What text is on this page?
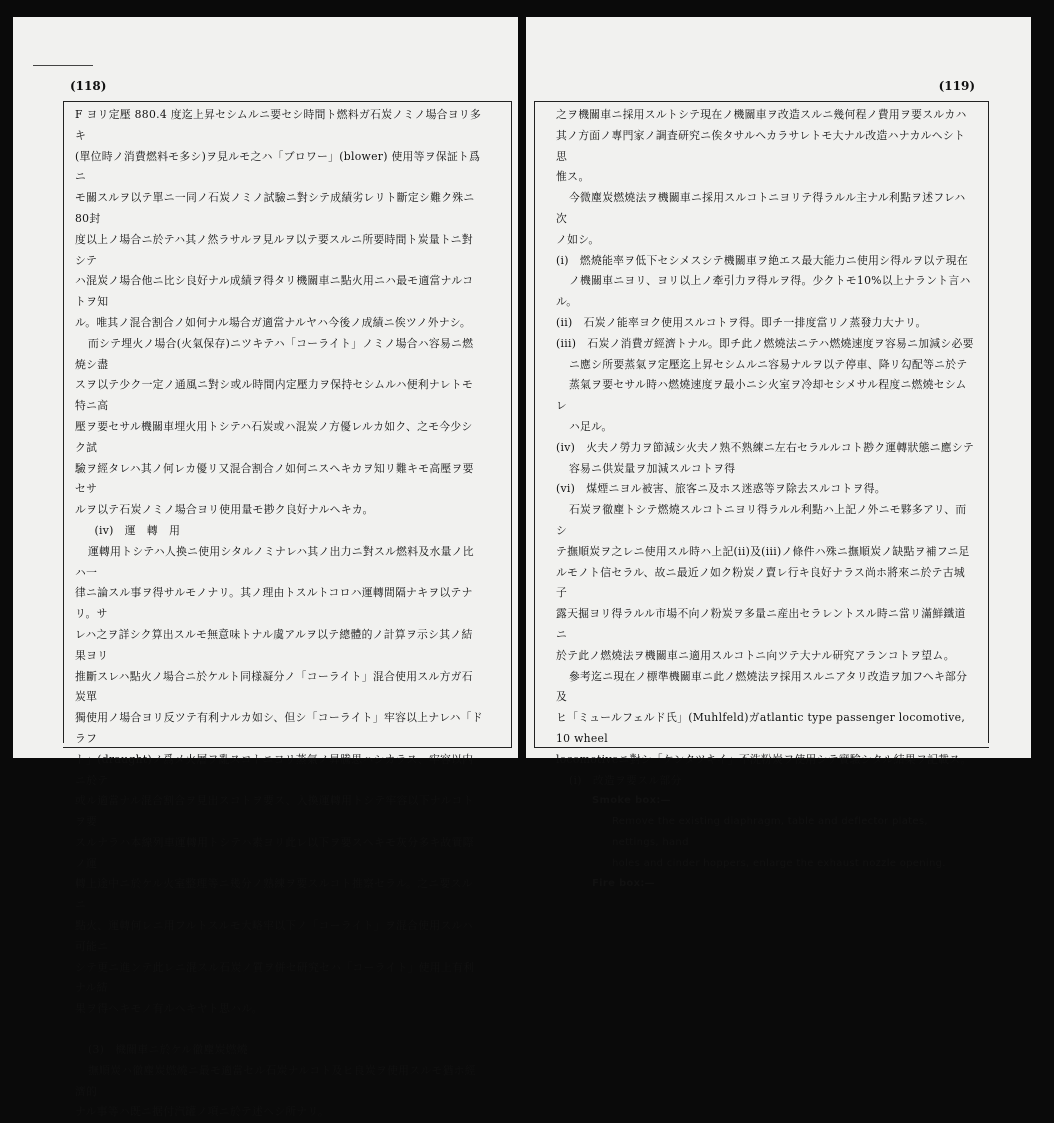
(118)

F ヨリ定壓 880.4 度迄上昇セシムルニ要セシ時間ト燃料ガ石炭ノミノ場合ヨリ多キ

(單位時ノ消費燃料モ多シ)ヲ見ルモ之ハ「ブロワー」(blower) 使用等ヲ保証ト爲ニ

モ關スルヲ以テ單ニ一同ノ石炭ノミノ試驗ニ對シテ成績劣レリト斷定シ難ク殊ニ80封

度以上ノ場合ニ於テハ其ノ然ラサルヲ見ルヲ以テ要スルニ所要時間ト炭量トニ對シテ

ハ混炭ノ場合他ニ比シ良好ナル成績ヲ得タリ機關車ニ點火用ニハ最モ適當ナルコトヲ知

ル。唯其ノ混合割合ノ如何ナル場合ガ適當ナルヤハ今後ノ成績ニ俟ツノ外ナシ。

而シテ埋火ノ場合(火氣保存)ニツキテハ「コーライト」ノミノ場合ハ容易ニ燃焼シ盡

スヲ以テ少ク一定ノ通風ニ對シ或ル時間内定壓力ヲ保持セシムルハ便利ナレトモ特ニ高

壓ヲ要セサル機關車埋火用トシテハ石炭或ハ混炭ノ方優レルカ如ク、之モ今少シク試

驗ヲ經タレハ其ノ何レカ優リ又混合割合ノ如何ニスヘキカヲ知リ難キモ高壓ヲ要セサ

ルヲ以テ石炭ノミノ場合ヨリ使用量モ尠ク良好ナルヘキカ。

(iv)　運　轉　用

運轉用トシテハ人換ニ使用シタルノミナレハ其ノ出力ニ對スル燃料及水量ノ比ハ一

律ニ論スル事ヲ得サルモノナリ。其ノ理由トスルトコロハ運轉間隔ナキヲ以テナリ。サ

レハ之ヲ詳シク算出スルモ無意味トナル虞アルヲ以テ總體的ノ計算ヲ示シ其ノ結果ヨリ

推斷スレハ點火ノ場合ニ於ケルト同様凝分ノ「コーライト」混合使用スル方ガ石炭單

獨使用ノ場合ヨリ反ツテ有利ナルカ如シ、但シ「コーライト」牢容以上ナレハ「ドラフ

ト」(draught)ノ爲メ火層ヲ亂スコトニヨリ蒸氣ノ昇騰思ハシカラス、牢容以内ニ於テ

或ル適當ナル混合割合ヲ見出スコトヲ要ス、入換運轉用トシテ牢容以下ナルコトヲ要

スルナラハ本線列車運轉用トシテハ素ヨリ此レ以下ヲ要スヘキモ灰分多キ故實際ノ運

轉上途中ニ於ケル火室整理等ニ幾分ノ熟練ヲ要スルコト推察セラル。之ニ要スルニ

點火、運轉何レニ用フルトスルモ大略牢以下ノ「コーライト」ヲ混合使用スルハ可能ニ

シテ更ニ進ンテ此レニ混スル石炭ノ質ヲ併セ研究セハ「コーライト」使用上有利ナル結

果ヲ得ヘキモノ有ルヘキヤト思ハル。

(3)　機關車ニ於ケル徹塵炭燃燒

撫順炭ハ徹塵炭燃燒ニ最モ適當セル石炭ナルコト及ヒ良炭ヲ使用スルモ猶ホ經濟的

ナル事等ハ既ニ据付汽罐ノ項ニ於テ述ヘシ所ナリ。

(119)

之ヲ機關車ニ採用スルトシテ現在ノ機關車ヲ改造スルニ幾何程ノ費用ヲ要スルカハ

其ノ方面ノ專門家ノ調査研究ニ俟タサルヘカラサレトモ大ナル改造ハナカルヘシト思

惟ス。

今微塵炭燃燒法ヲ機關車ニ採用スルコトニヨリテ得ラルル主ナル利點ヲ述フレハ次

ノ如シ。

(i)　燃燒能率ヲ低下セシメスシテ機關車ヲ絶エス最大能力ニ使用シ得ルヲ以テ現在

ノ機關車ニヨリ、ヨリ以上ノ牽引力ヲ得ルヲ得。少クトモ10%以上ナラント言ハル。

(ii)　石炭ノ能率ヨク使用スルコトヲ得。即チ一排度當リノ蒸發力大ナリ。

(iii)　石炭ノ消費ガ經濟トナル。即チ此ノ燃燒法ニテハ燃燒速度ヲ容易ニ加減シ必要

ニ應シ所要蒸氣ヲ定壓迄上昇セシムルニ容易ナルヲ以テ停車、降リ勾配等ニ於テ

蒸氣ヲ要セサル時ハ燃燒速度ヲ最小ニシ火室ヲ冷却セシメサル程度ニ燃燒セシムレ

ハ足ル。

(iv)　火夫ノ勞力ヲ節減シ火夫ノ熟不熟練ニ左右セラルルコト尠ク運轉狀態ニ應シテ

容易ニ供炭量ヲ加減スルコトヲ得

(vi)　煤煙ニヨル被害、旅客ニ及ホス迷惑等ヲ除去スルコトヲ得。

石炭ヲ徹塵トシテ燃燒スルコトニヨリ得ラルル利點ハ上記ノ外ニモ夥多アリ、而シ

テ撫順炭ヲ之レニ使用スル時ハ上記(ii)及(iii)ノ條件ハ殊ニ撫順炭ノ缺點ヲ補フニ足

ルモノト信セラル、故ニ最近ノ如ク粉炭ノ賣レ行キ良好ナラス尚ホ將來ニ於テ古城子

露天掘ヨリ得ラルル市場不向ノ粉炭ヲ多量ニ産出セラレントスル時ニ當リ滿鮮鐵道ニ

於テ此ノ燃燒法ヲ機關車ニ適用スルコトニ向ツテ大ナル研究アランコトヲ望ム。

參考迄ニ現在ノ標準機關車ニ此ノ燃燒法ヲ採用スルニアタリ改造ヲ加フヘキ部分及

ヒ「ミュールフェルド氏」(Muhlfeld)ガatlantic type passenger locomotive, 10 wheel

locomotiveニ對シ「ケンタツキイ」不洗粉炭ヲ使用シテ實驗シタル結果ヲ記載ス。

(i)　改造ヲ要スル部分

Smoke box:—

Remove the existing diaphragm, table and deflector plates, nettings, hand

holes and cinder hoppers, enlarge the exhaust nozzle opening.

Fire box:—
